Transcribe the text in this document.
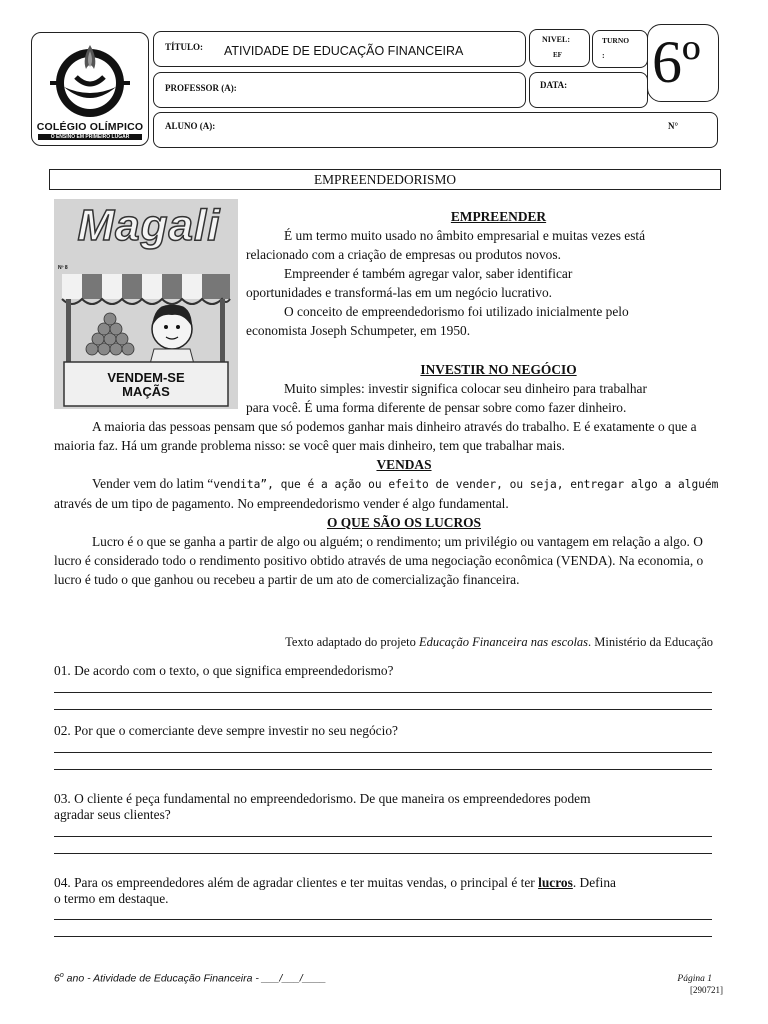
COLÉGIO OLÍMPICO
O ENSINO EM PRIMEIRO LUGAR
TÍTULO: ATIVIDADE DE EDUCAÇÃO FINANCEIRA
NIVEL:
EF
TURNO
: 6º
PROFESSOR (A):	DATA:
ALUNO (A):	N°
EMPREENDEDORISMO
Magali
Nº 8
VENDEM-SE MAÇÃS

EMPREENDER

É um termo muito usado no âmbito empresarial e muitas vezes está

relacionado com a criação de empresas ou produtos novos.

Empreender é também agregar valor, saber identificar

oportunidades e transformá-las em um negócio lucrativo.

O conceito de empreendedorismo foi utilizado inicialmente pelo

economista Joseph Schumpeter, em 1950.

INVESTIR NO NEGÓCIO

Muito simples: investir significa colocar seu dinheiro para trabalhar

para você. É uma forma diferente de pensar sobre como fazer dinheiro.

A maioria das pessoas pensam que só podemos ganhar mais dinheiro através do trabalho. E é exatamente o que a maioria faz. Há um grande problema nisso: se você quer mais dinheiro, tem que trabalhar mais.

VENDAS

Vender vem do latim “vendita”, que é a ação ou efeito de vender, ou seja, entregar algo a alguém

através de um tipo de pagamento. No empreendedorismo vender é algo fundamental.

O QUE SÃO OS LUCROS

Lucro é o que se ganha a partir de algo ou alguém; o rendimento; um privilégio ou vantagem em relação a algo. O lucro é considerado todo o rendimento positivo obtido através de uma negociação econômica (VENDA). Na economia, o lucro é tudo o que ganhou ou recebeu a partir de um ato de comercialização financeira.

Texto adaptado do projeto Educação Financeira nas escolas. Ministério da Educação

01. De acordo com o texto, o que significa empreendedorismo?

02. Por que o comerciante deve sempre investir no seu negócio?

03. O cliente é peça fundamental no empreendedorismo. De que maneira os empreendedores podem

agradar seus clientes?

04. Para os empreendedores além de agradar clientes e ter muitas vendas, o principal é ter lucros. Defina

o termo em destaque.

6$^o$ ano - Atividade de Educação Financeira - ___/___/____	Página 1
[290721]
